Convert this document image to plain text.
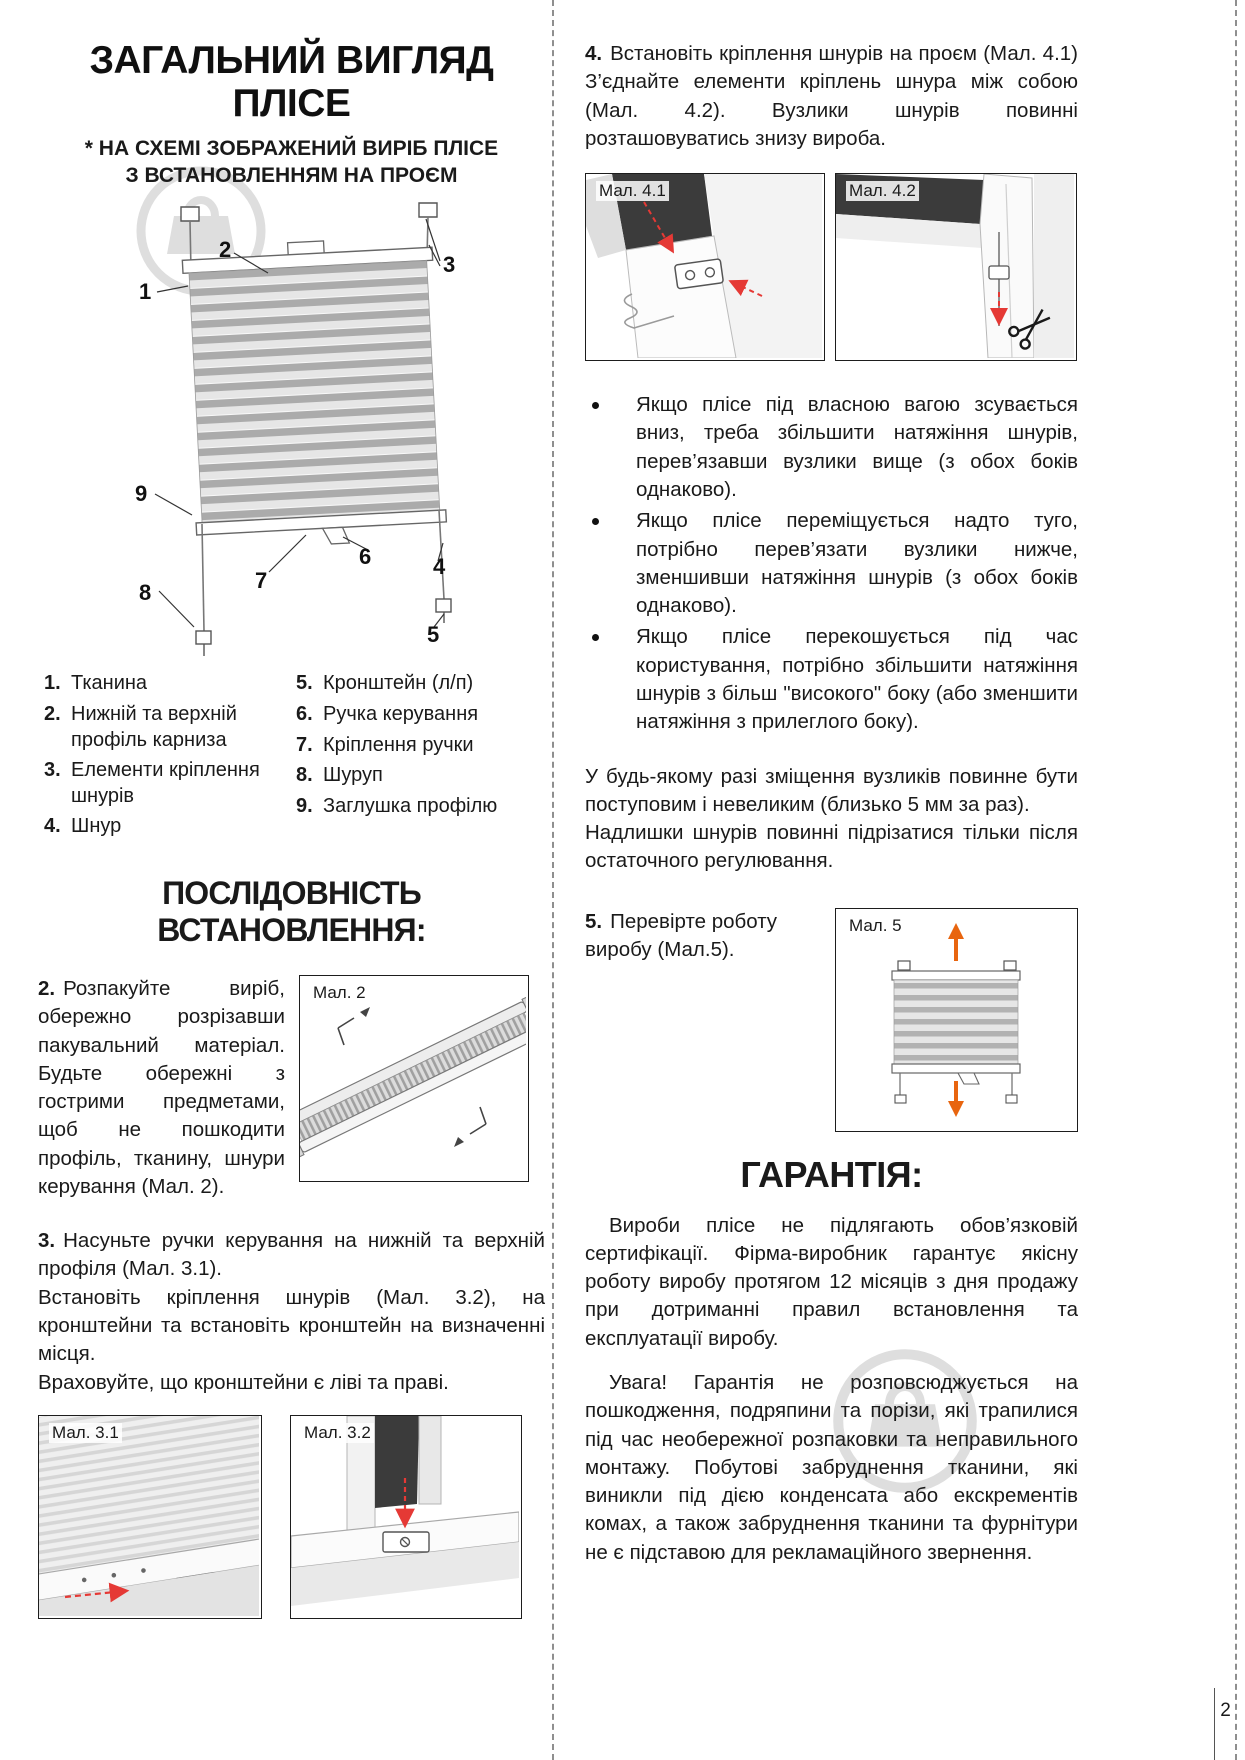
ЗАГАЛЬНИЙ ВИГЛЯД
ПЛІСЕ
* НА СХЕМІ ЗОБРАЖЕНИЙ ВИРІБ ПЛІСЕ
З ВСТАНОВЛЕННЯМ НА ПРОЄМ
1
2
3
4
5
6
7
8
9
1. Тканина
2. Нижній та верхній профіль карниза
3. Елементи кріплення шнурів
4. Шнур
5. Кронштейн (л/п)
6. Ручка керування
7. Кріплення ручки
8. Шуруп
9. Заглушка профілю
ПОСЛІДОВНІСТЬ ВСТАНОВЛЕННЯ:

2. Розпакуйте виріб, обережно розрізавши пакувальний матеріал. Будьте обережні з гострими предметами, щоб не пошкодити профіль, тканину, шнури керування (Мал. 2).

Мал. 2

3. Насуньте ручки керування на нижній та верхній профіля (Мал. 3.1).

Встановіть кріплення шнурів (Мал. 3.2), на кронштейни та встановіть кронштейн на визначенні місця.

Враховуйте, що кронштейни є ліві та праві.

Мал. 3.1	Мал. 3.2

4. Встановіть кріплення шнурів на проєм (Мал. 4.1) З’єднайте елементи кріплень шнура між собою (Мал. 4.2). Вузлики шнурів повинні розташовуватись знизу вироба.

Мал. 4.1	Мал. 4.2
Якщо плісе під власною вагою зсувається вниз, треба збільшити натяжіння шнурів, перев’язавши вузлики вище (з обох боків однаково).
Якщо плісе переміщується надто туго, потрібно перев’язати вузлики нижче, зменшивши натяжіння шнурів (з обох боків однаково).
Якщо плісе перекошується під час користування, потрібно збільшити натяжіння шнурів з більш "високого" боку (або зменшити натяжіння з прилеглого боку).

У будь-якому разі зміщення вузликів повинне бути поступовим і невеликим (близько 5 мм за раз).

Надлишки шнурів повинні підрізатися тільки після остаточного регулювання.

Мал. 5

5. Перевірте роботу виробу (Мал.5).

ГАРАНТІЯ:

Вироби плісе не підлягають обов’язковій сертифікації. Фірма-виробник гарантує якісну роботу виробу протягом 12 місяців з дня продажу при дотриманні правил встановлення та експлуатації виробу.

Увага! Гарантія не розповсюджується на пошкодження, подряпини та порізи, які трапилися під час необережної розпаковки та неправильного монтажу. Побутові забруднення тканини, які виникли під дією конденсата або екскрементів комах, а також забруднення тканини та фурнітури не є підставою для рекламаційного звернення.

2
